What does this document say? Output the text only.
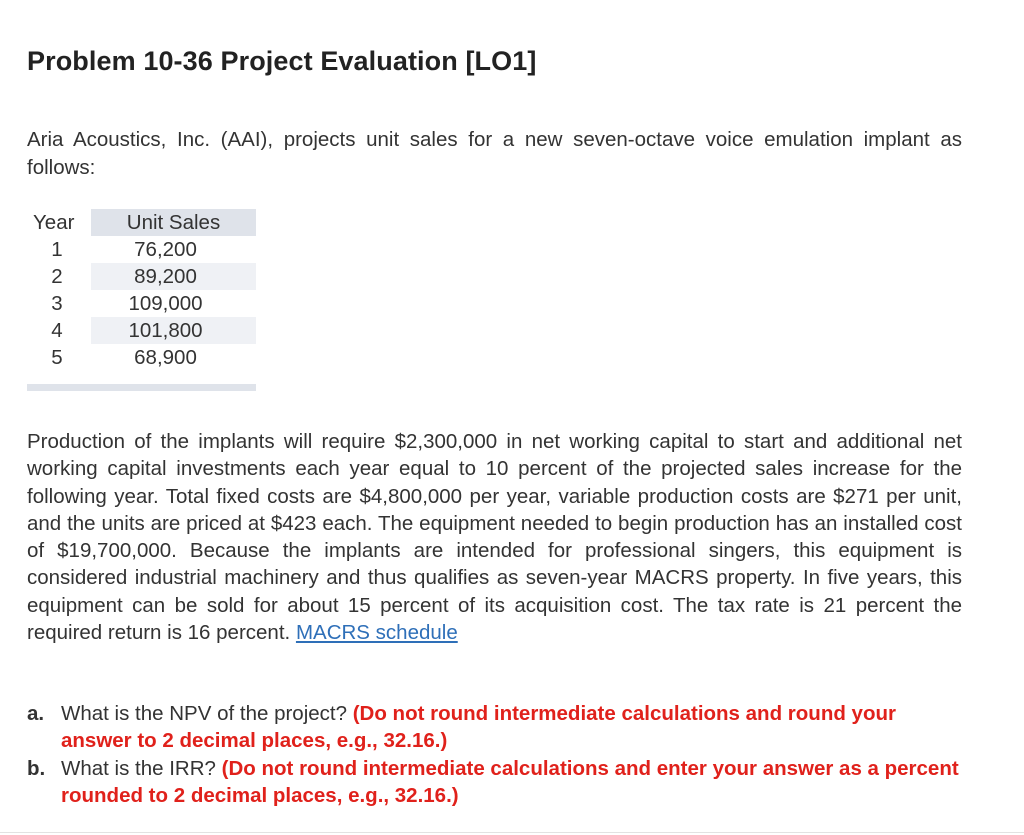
Problem 10-36 Project Evaluation [LO1]
Aria Acoustics, Inc. (AAI), projects unit sales for a new seven-octave voice emulation implant as follows:
Year	Unit Sales
1	76,200
2	89,200
3	109,000
4	101,800
5	68,900
Production of the implants will require $2,300,000 in net working capital to start and additional net working capital investments each year equal to 10 percent of the projected sales increase for the following year. Total fixed costs are $4,800,000 per year, variable production costs are $271 per unit, and the units are priced at $423 each. The equipment needed to begin production has an installed cost of $19,700,000. Because the implants are intended for professional singers, this equipment is considered industrial machinery and thus qualifies as seven-year MACRS property. In five years, this equipment can be sold for about 15 percent of its acquisition cost. The tax rate is 21 percent the required return is 16 percent. MACRS schedule
a. What is the NPV of the project? (Do not round intermediate calculations and round your answer to 2 decimal places, e.g., 32.16.)
b. What is the IRR? (Do not round intermediate calculations and enter your answer as a percent rounded to 2 decimal places, e.g., 32.16.)
